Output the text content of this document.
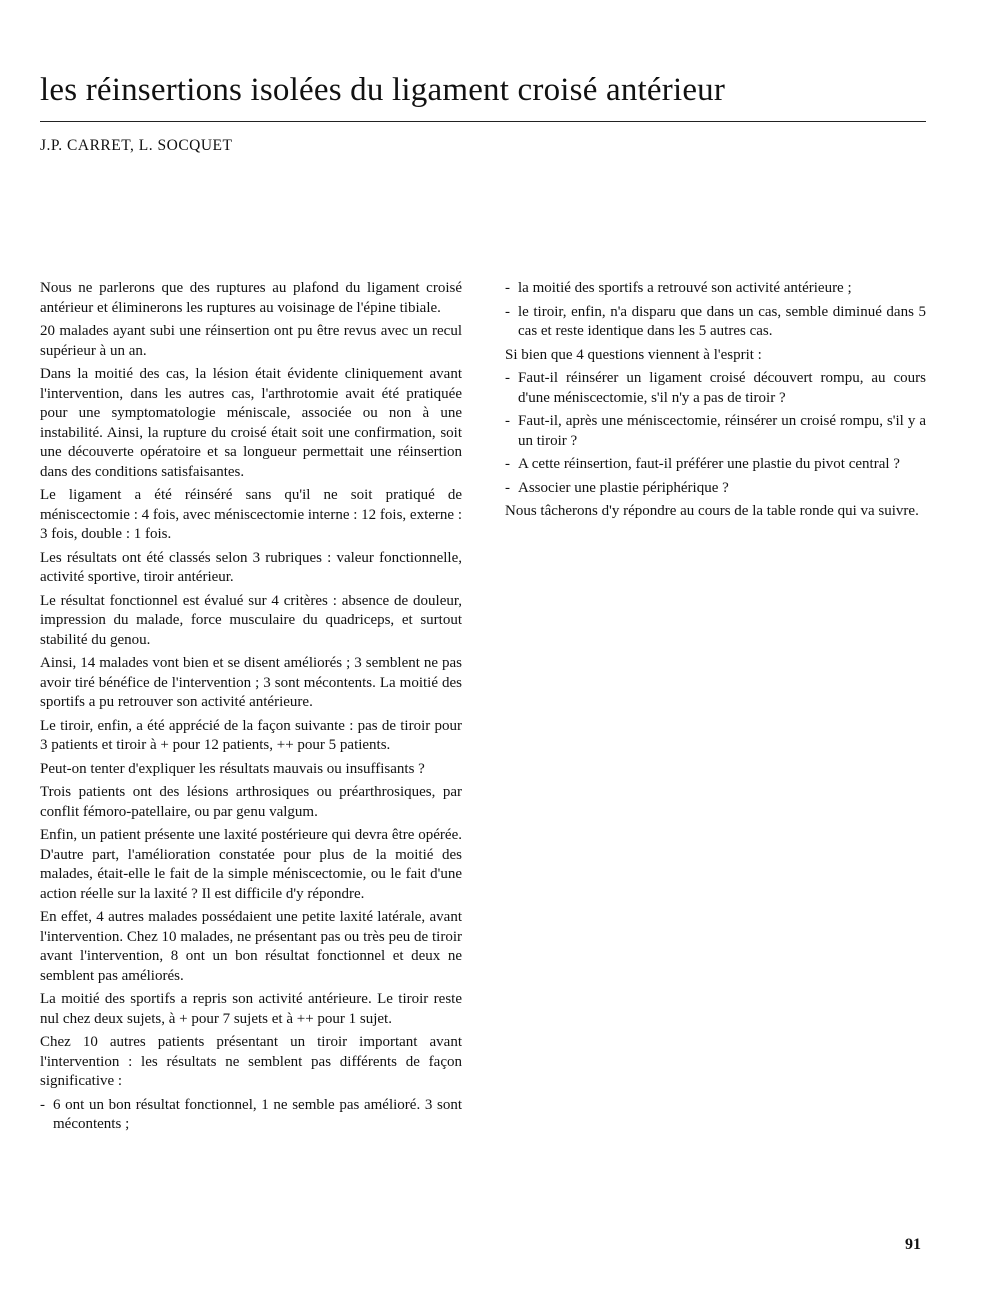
les réinsertions isolées du ligament croisé antérieur
J.P. CARRET, L. SOCQUET

Nous ne parlerons que des ruptures au plafond du ligament croisé antérieur et éliminerons les ruptures au voisinage de l'épine tibiale.

20 malades ayant subi une réinsertion ont pu être revus avec un recul supérieur à un an.

Dans la moitié des cas, la lésion était évidente cliniquement avant l'intervention, dans les autres cas, l'arthrotomie avait été pratiquée pour une symptomatologie méniscale, associée ou non à une instabilité. Ainsi, la rupture du croisé était soit une confirmation, soit une découverte opératoire et sa longueur permettait une réinsertion dans des conditions satisfaisantes.

Le ligament a été réinséré sans qu'il ne soit pratiqué de méniscectomie : 4 fois, avec méniscectomie interne : 12 fois, externe : 3 fois, double : 1 fois.

Les résultats ont été classés selon 3 rubriques : valeur fonctionnelle, activité sportive, tiroir antérieur.

Le résultat fonctionnel est évalué sur 4 critères : absence de douleur, impression du malade, force musculaire du quadriceps, et surtout stabilité du genou.

Ainsi, 14 malades vont bien et se disent améliorés ; 3 semblent ne pas avoir tiré bénéfice de l'intervention ; 3 sont mécontents. La moitié des sportifs a pu retrouver son activité antérieure.

Le tiroir, enfin, a été apprécié de la façon suivante : pas de tiroir pour 3 patients et tiroir à + pour 12 patients, ++ pour 5 patients.

Peut-on tenter d'expliquer les résultats mauvais ou insuffisants ?

Trois patients ont des lésions arthrosiques ou préarthrosiques, par conflit fémoro-patellaire, ou par genu valgum.

Enfin, un patient présente une laxité postérieure qui devra être opérée. D'autre part, l'amélioration constatée pour plus de la moitié des malades, était-elle le fait de la simple méniscectomie, ou le fait d'une action réelle sur la laxité ? Il est difficile d'y répondre.

En effet, 4 autres malades possédaient une petite laxité latérale, avant l'intervention. Chez 10 malades, ne présentant pas ou très peu de tiroir avant l'intervention, 8 ont un bon résultat fonctionnel et deux ne semblent pas améliorés.

La moitié des sportifs a repris son activité antérieure. Le tiroir reste nul chez deux sujets, à + pour 7 sujets et à ++ pour 1 sujet.

Chez 10 autres patients présentant un tiroir important avant l'intervention : les résultats ne semblent pas différents de façon significative :

- 6 ont un bon résultat fonctionnel, 1 ne semble pas amélioré. 3 sont mécontents ;
- la moitié des sportifs a retrouvé son activité antérieure ;
- le tiroir, enfin, n'a disparu que dans un cas, semble diminué dans 5 cas et reste identique dans les 5 autres cas.

Si bien que 4 questions viennent à l'esprit :

- Faut-il réinsérer un ligament croisé découvert rompu, au cours d'une méniscectomie, s'il n'y a pas de tiroir ?
- Faut-il, après une méniscectomie, réinsérer un croisé rompu, s'il y a un tiroir ?
- A cette réinsertion, faut-il préférer une plastie du pivot central ?
- Associer une plastie périphérique ?

Nous tâcherons d'y répondre au cours de la table ronde qui va suivre.

91
